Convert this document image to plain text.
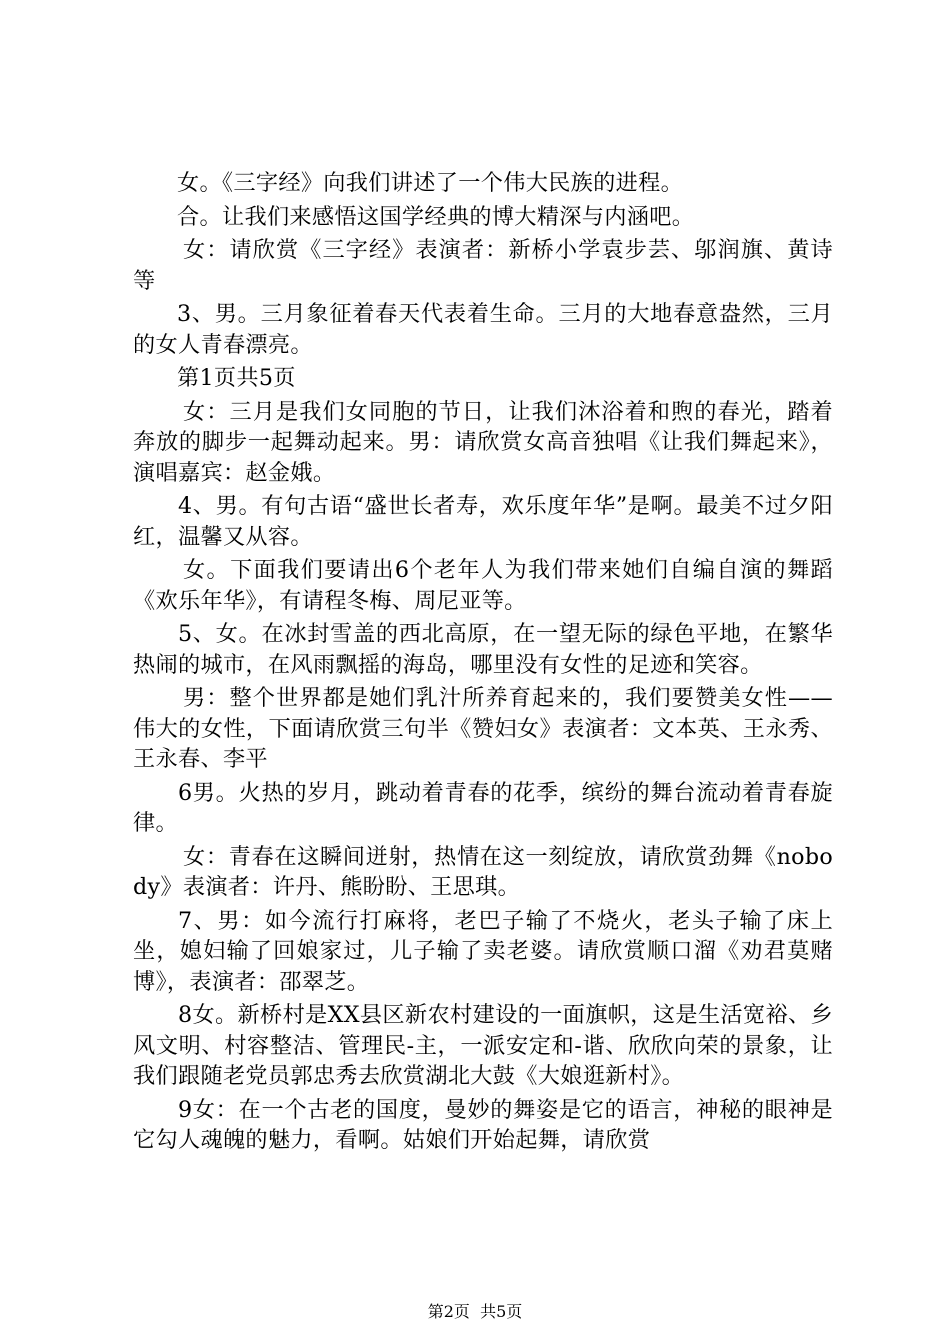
女。《三字经》向我们讲述了一个伟大民族的进程。

合。让我们来感悟这国学经典的博大精深与内涵吧。

女：请欣赏《三字经》表演者：新桥小学袁步芸、邬润旗、黄诗等

3、男。三月象征着春天代表着生命。三月的大地春意盎然，三月的女人青春漂亮。

第1页共5页

女：三月是我们女同胞的节日，让我们沐浴着和煦的春光，踏着奔放的脚步一起舞动起来。男：请欣赏女高音独唱《让我们舞起来》，演唱嘉宾：赵金娥。

4、男。有句古语“盛世长者寿，欢乐度年华”是啊。最美不过夕阳红，温馨又从容。

女。下面我们要请出6个老年人为我们带来她们自编自演的舞蹈《欢乐年华》，有请程冬梅、周尼亚等。

5、女。在冰封雪盖的西北高原，在一望无际的绿色平地，在繁华热闹的城市，在风雨飘摇的海岛，哪里没有女性的足迹和笑容。

男：整个世界都是她们乳汁所养育起来的，我们要赞美女性——伟大的女性，下面请欣赏三句半《赞妇女》表演者：文本英、王永秀、王永春、李平

6男。火热的岁月，跳动着青春的花季，缤纷的舞台流动着青春旋律。

女：青春在这瞬间迸射，热情在这一刻绽放，请欣赏劲舞《nobody》表演者：许丹、熊盼盼、王思琪。

7、男：如今流行打麻将，老巴子输了不烧火，老头子输了床上坐，媳妇输了回娘家过，儿子输了卖老婆。请欣赏顺口溜《劝君莫赌博》，表演者：邵翠芝。

8女。新桥村是XX县区新农村建设的一面旗帜，这是生活宽裕、乡风文明、村容整洁、管理民-主，一派安定和-谐、欣欣向荣的景象，让我们跟随老党员郭忠秀去欣赏湖北大鼓《大娘逛新村》。

9女：在一个古老的国度，曼妙的舞姿是它的语言，神秘的眼神是它勾人魂魄的魅力，看啊。姑娘们开始起舞，请欣赏

第2页  共5页
